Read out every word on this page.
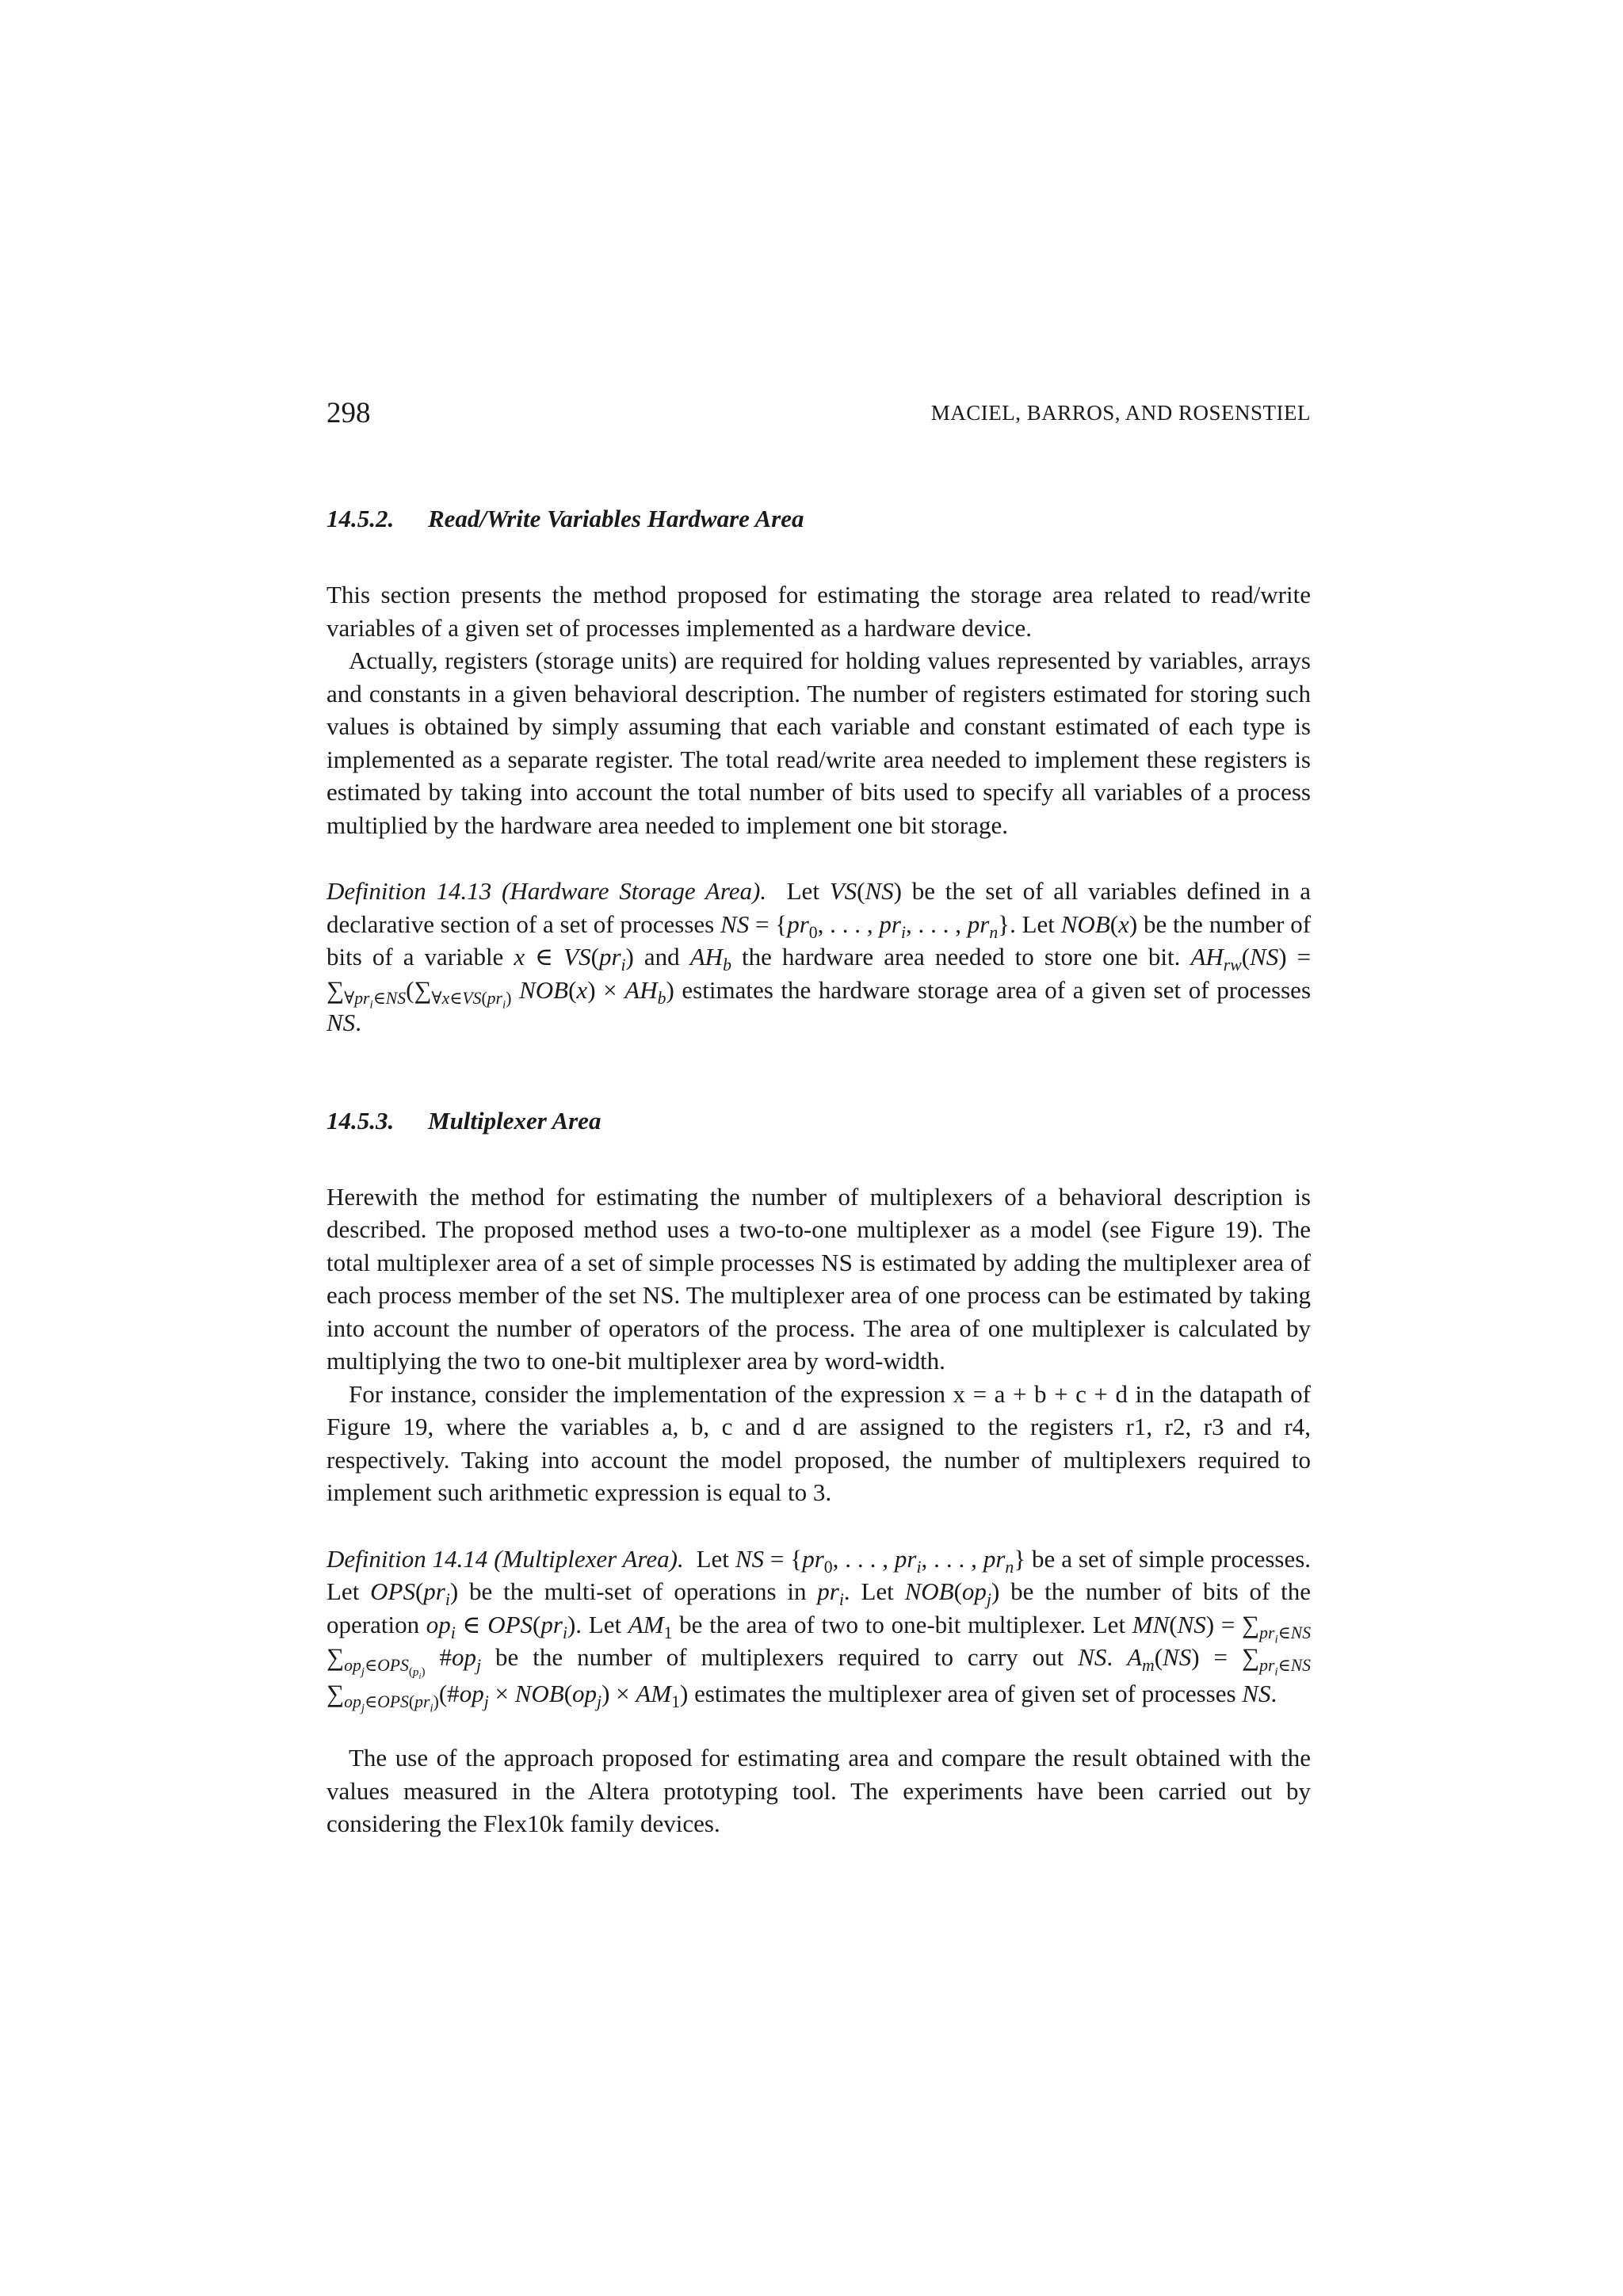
298	MACIEL, BARROS, AND ROSENSTIEL
14.5.2. Read/Write Variables Hardware Area

This section presents the method proposed for estimating the storage area related to read/write variables of a given set of processes implemented as a hardware device.

Actually, registers (storage units) are required for holding values represented by variables, arrays and constants in a given behavioral description. The number of registers estimated for storing such values is obtained by simply assuming that each variable and constant estimated of each type is implemented as a separate register. The total read/write area needed to implement these registers is estimated by taking into account the total number of bits used to specify all variables of a process multiplied by the hardware area needed to implement one bit storage.

Definition 14.13 (Hardware Storage Area). Let VS(NS) be the set of all variables defined in a declarative section of a set of processes NS = {$pr_0$, . . . , $pr_i$, . . . , $pr_n$}. Let NOB(x) be the number of bits of a variable x ∈ $VS(pr_i)$ and $AH_b$ the hardware area needed to store one bit. $AH_{rw}(NS) = \sum_{\forall pr_i\in NS}(\sum_{\forall x\in VS(pr_i)}$ $NOB(x) \times AH_b$) estimates the hardware storage area of a given set of processes NS.

14.5.3. Multiplexer Area

Herewith the method for estimating the number of multiplexers of a behavioral description is described. The proposed method uses a two-to-one multiplexer as a model (see Figure 19). The total multiplexer area of a set of simple processes NS is estimated by adding the multiplexer area of each process member of the set NS. The multiplexer area of one process can be estimated by taking into account the number of operators of the process. The area of one multiplexer is calculated by multiplying the two to one-bit multiplexer area by word-width.

For instance, consider the implementation of the expression x = a + b + c + d in the datapath of Figure 19, where the variables a, b, c and d are assigned to the registers r1, r2, r3 and r4, respectively. Taking into account the model proposed, the number of multiplexers required to implement such arithmetic expression is equal to 3.

Definition 14.14 (Multiplexer Area). Let NS = {$pr_0$, . . . , $pr_i$, . . . , $pr_n$} be a set of simple processes. Let $OPS(pr_i)$ be the multi-set of operations in $pr_i$. Let $NOB(op_j)$ be the number of bits of the operation $op_i$ ∈ $OPS(pr_i)$. Let $AM_1$ be the area of two to one-bit multiplexer. Let $MN(NS) = \sum_{pr_i\in NS}$ $\sum_{op_j\in OPS_{(p_i)}}$ $\#op_j$ be the number of multiplexers required to carry out NS. $A_m(NS) = \sum_{pr_i\in NS}$ $\sum_{op_j\in OPS(pr_i)}(\#op_j \times NOB(op_j) \times AM_1)$ estimates the multiplexer area of given set of processes NS.

The use of the approach proposed for estimating area and compare the result obtained with the values measured in the Altera prototyping tool. The experiments have been carried out by considering the Flex10k family devices.
